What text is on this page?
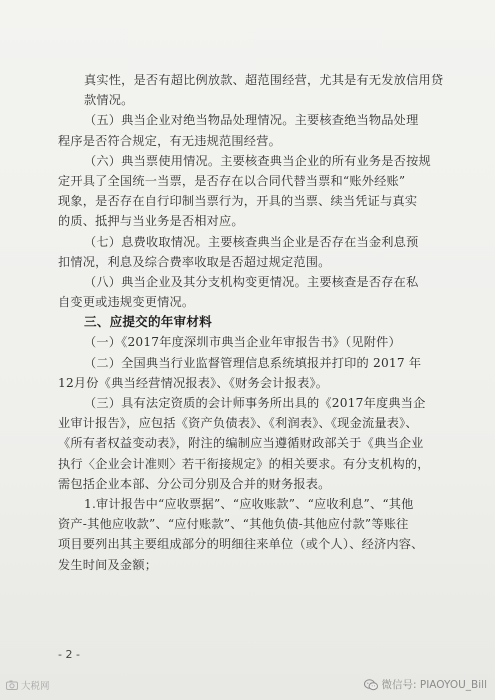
真实性，是否有超比例放款、超范围经营，尤其是有无发放信用贷
款情况。
（五）典当企业对绝当物品处理情况。主要核查绝当物品处理
程序是否符合规定，有无违规范围经营。
（六）典当票使用情况。主要核查典当企业的所有业务是否按规
定开具了全国统一当票，是否存在以合同代替当票和“账外经账”
现象，是否存在自行印制当票行为，开具的当票、续当凭证与真实
的质、抵押与当业务是否相对应。
（七）息费收取情况。主要核查典当企业是否存在当金利息预
扣情况，利息及综合费率收取是否超过规定范围。
（八）典当企业及其分支机构变更情况。主要核查是否存在私
自变更或违规变更情况。
三、应提交的年审材料
（一）《2017年度深圳市典当企业年审报告书》（见附件）
（二）全国典当行业监督管理信息系统填报并打印的 2017 年
12月份《典当经营情况报表》、《财务会计报表》。
（三）具有法定资质的会计师事务所出具的《2017年度典当企
业审计报告》，应包括《资产负债表》、《利润表》、《现金流量表》、
《所有者权益变动表》，附注的编制应当遵循财政部关于《典当企业
执行〈企业会计准则〉若干衔接规定》的相关要求。有分支机构的，
需包括企业本部、分公司分别及合并的财务报表。
1.审计报告中“应收票据”、“应收账款”、“应收利息”、“其他
资产-其他应收款”、“应付账款”、“其他负债-其他应付款”等账往
项目要列出其主要组成部分的明细往来单位（或个人）、经济内容、
发生时间及金额；
- 2 -
大税网	微信号: PIAOYOU_Bill
